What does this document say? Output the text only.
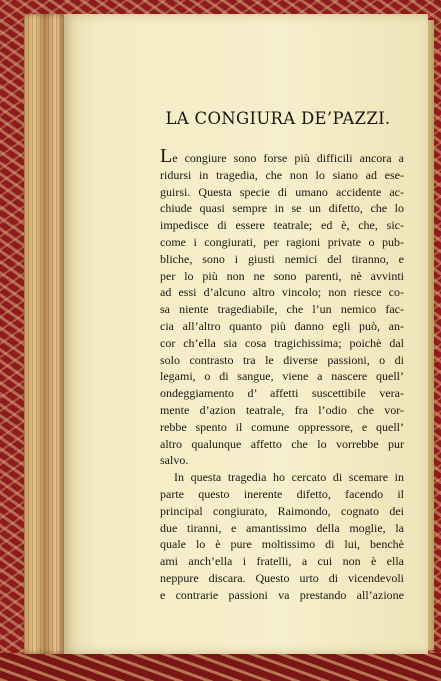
LA CONGIURA DE’PAZZI.
Le congiure sono forse più difficili ancora a
ridursi in tragedia, che non lo siano ad ese-
guirsi. Questa specie di umano accidente ac-
chiude quasi sempre in se un difetto, che lo
impedisce di essere teatrale; ed è, che, sic-
come i congiurati, per ragioni private o pub-
bliche, sono i giusti nemici del tiranno, e
per lo più non ne sono parenti, nè avvinti
ad essi d’alcuno altro vincolo; non riesce co-
sa niente tragediabile, che l’un nemico fac-
cia all’altro quanto più danno egli può, an-
cor ch’ella sia cosa tragichissima; poichè dal
solo contrasto tra le diverse passioni, o di
legami, o di sangue, viene a nascere quell’
ondeggiamento d’ affetti suscettibile vera-
mente d’azion teatrale, fra l’odio che vor-
rebbe spento il comune oppressore, e quell’
altro qualunque affetto che lo vorrebbe pur
salvo.
In questa tragedia ho cercato di scemare in
parte questo inerente difetto, facendo il
principal congiurato, Raimondo, cognato dei
due tiranni, e amantissimo della moglie, la
quale lo è pure moltissimo di lui, benchè
ami anch’ella i fratelli, a cui non è ella
neppure discara. Questo urto di vicendevoli
e contrarie passioni va prestando all’azione
